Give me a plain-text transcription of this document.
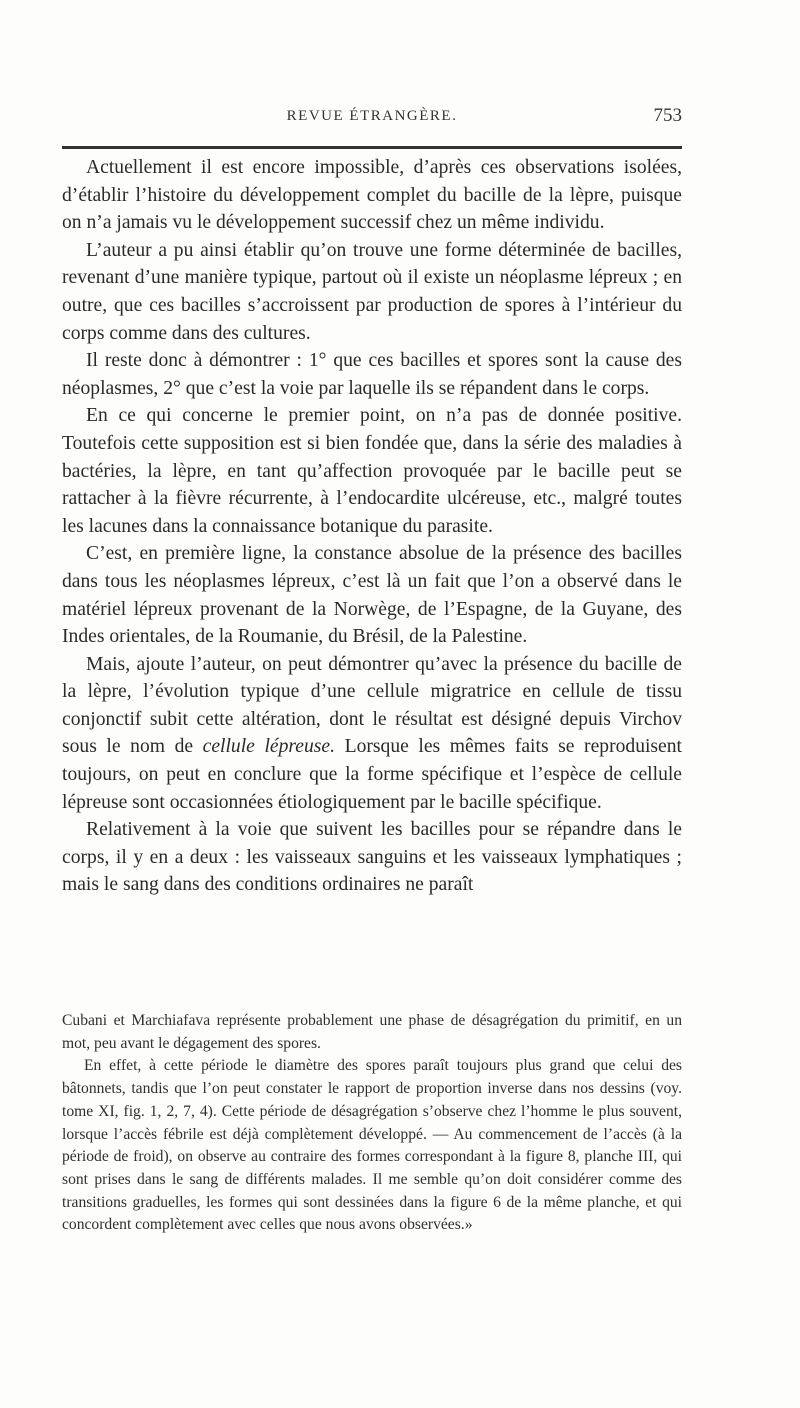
REVUE ÉTRANGÈRE.	753

Actuellement il est encore impossible, d’après ces observations isolées, d’établir l’histoire du développement complet du bacille de la lèpre, puisque on n’a jamais vu le développement successif chez un même individu.

L’auteur a pu ainsi établir qu’on trouve une forme déterminée de bacilles, revenant d’une manière typique, partout où il existe un néoplasme lépreux ; en outre, que ces bacilles s’accroissent par production de spores à l’intérieur du corps comme dans des cultures.

Il reste donc à démontrer : 1° que ces bacilles et spores sont la cause des néoplasmes, 2° que c’est la voie par laquelle ils se répandent dans le corps.

En ce qui concerne le premier point, on n’a pas de donnée positive. Toutefois cette supposition est si bien fondée que, dans la série des maladies à bactéries, la lèpre, en tant qu’affection provoquée par le bacille peut se rattacher à la fièvre récurrente, à l’endocardite ulcéreuse, etc., malgré toutes les lacunes dans la connaissance botanique du parasite.

C’est, en première ligne, la constance absolue de la présence des bacilles dans tous les néoplasmes lépreux, c’est là un fait que l’on a observé dans le matériel lépreux provenant de la Norwège, de l’Espagne, de la Guyane, des Indes orientales, de la Roumanie, du Brésil, de la Palestine.

Mais, ajoute l’auteur, on peut démontrer qu’avec la présence du bacille de la lèpre, l’évolution typique d’une cellule migratrice en cellule de tissu conjonctif subit cette altération, dont le résultat est désigné depuis Virchov sous le nom de cellule lépreuse. Lorsque les mêmes faits se reproduisent toujours, on peut en conclure que la forme spécifique et l’espèce de cellule lépreuse sont occasionnées étiologiquement par le bacille spécifique.

Relativement à la voie que suivent les bacilles pour se répandre dans le corps, il y en a deux : les vaisseaux sanguins et les vaisseaux lymphatiques ; mais le sang dans des conditions ordinaires ne paraît

Cubani et Marchiafava représente probablement une phase de désagrégation du primitif, en un mot, peu avant le dégagement des spores.

En effet, à cette période le diamètre des spores paraît toujours plus grand que celui des bâtonnets, tandis que l’on peut constater le rapport de proportion inverse dans nos dessins (voy. tome XI, fig. 1, 2, 7, 4). Cette période de désagrégation s’observe chez l’homme le plus souvent, lorsque l’accès fébrile est déjà complètement développé. — Au commencement de l’accès (à la période de froid), on observe au contraire des formes correspondant à la figure 8, planche III, qui sont prises dans le sang de différents malades. Il me semble qu’on doit considérer comme des transitions graduelles, les formes qui sont dessinées dans la figure 6 de la même planche, et qui concordent complètement avec celles que nous avons observées.»
